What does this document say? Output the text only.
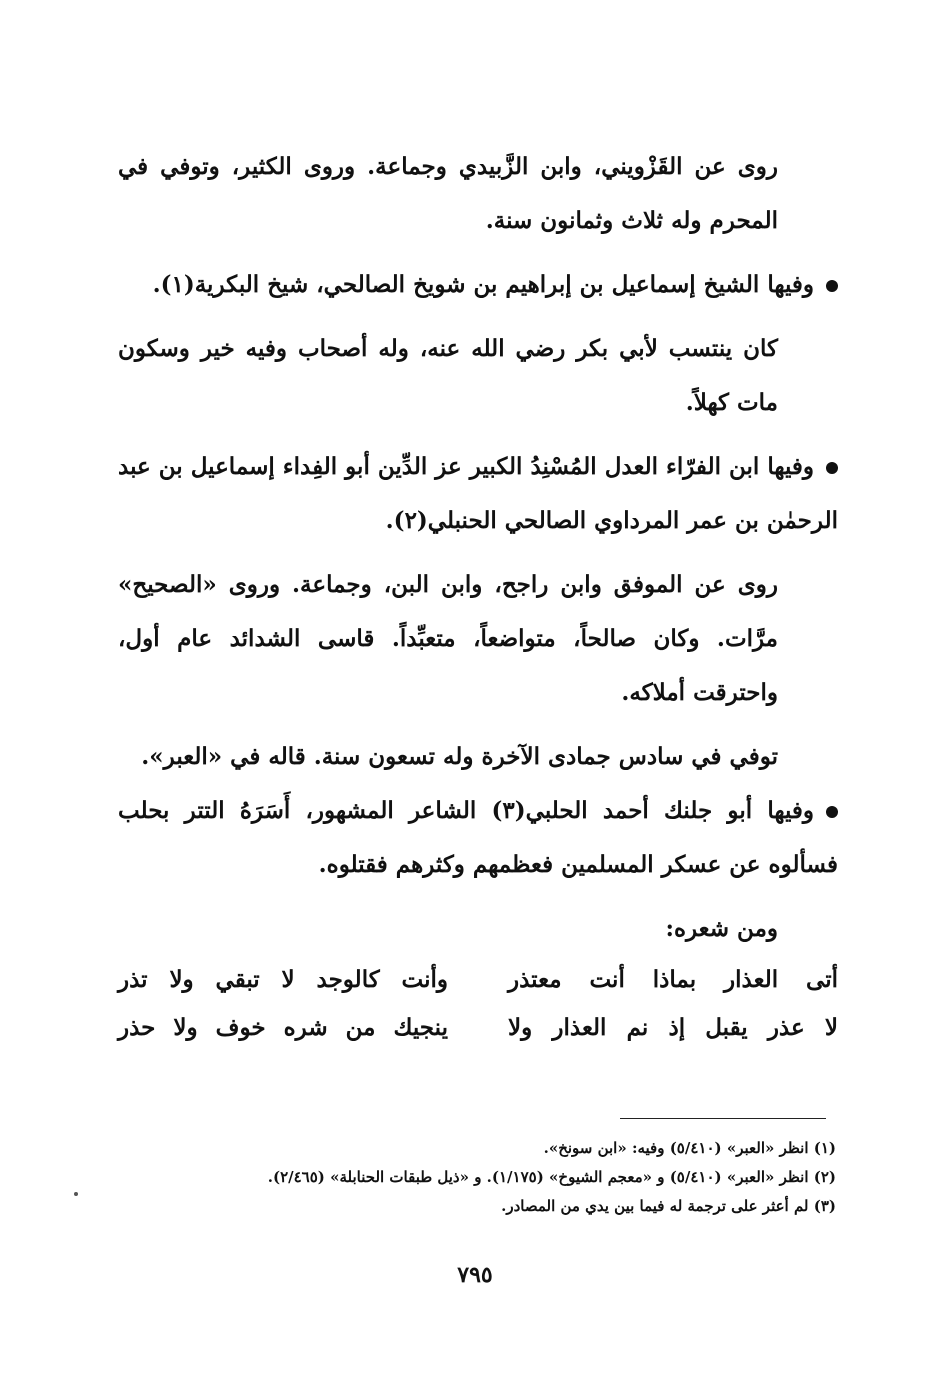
روى عن القَزْويني، وابن الزَّبيدي وجماعة. وروى الكثير، وتوفي في المحرم وله ثلاث وثمانون سنة.

وفيها الشيخ إسماعيل بن إبراهيم بن شويخ الصالحي، شيخ البكرية(١).

كان ينتسب لأبي بكر رضي الله عنه، وله أصحاب وفيه خير وسكون مات كهلاً.

وفيها ابن الفرّاء العدل المُسْنِدُ الكبير عز الدِّين أبو الفِداء إسماعيل بن عبد الرحمٰن بن عمر المرداوي الصالحي الحنبلي(٢).

روى عن الموفق وابن راجح، وابن البن، وجماعة. وروى «الصحيح» مرَّات. وكان صالحاً، متواضعاً، متعبِّداً. قاسى الشدائد عام أول، واحترقت أملاكه.

توفي في سادس جمادى الآخرة وله تسعون سنة. قاله في «العبر».

وفيها أبو جلنك أحمد الحلبي(٣) الشاعر المشهور، أَسَرَهُ التتر بحلب فسألوه عن عسكر المسلمين فعظمهم وكثرهم فقتلوه.

ومن شعره:

أتى العذار بماذا أنت معتذر
وأنت كالوجد لا تبقي ولا تذر
لا عذر يقبل إذ نم العذار ولا
ينجيك من شره خوف ولا حذر
(١) انظر «العبر» (٥/٤١٠) وفيه: «ابن سونخ».
(٢) انظر «العبر» (٥/٤١٠) و «معجم الشيوخ» (١/١٧٥). و «ذيل طبقات الحنابلة» (٢/٤٦٥).
(٣) لم أعثر على ترجمة له فيما بين يدي من المصادر.
٧٩٥
